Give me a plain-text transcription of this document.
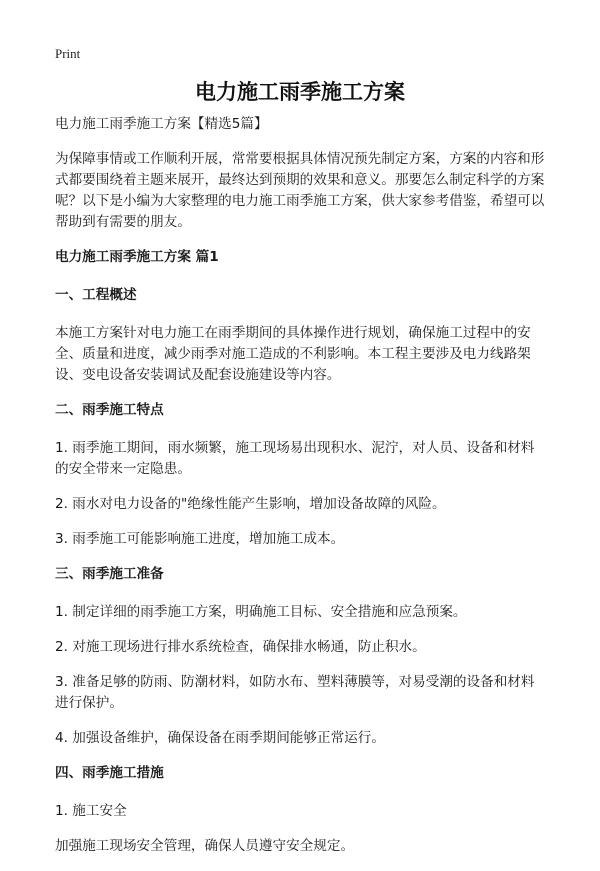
Print
电力施工雨季施工方案

电力施工雨季施工方案【精选5篇】

为保障事情或工作顺利开展，常常要根据具体情况预先制定方案，方案的内容和形式都要围绕着主题来展开，最终达到预期的效果和意义。那要怎么制定科学的方案呢？以下是小编为大家整理的电力施工雨季施工方案，供大家参考借鉴，希望可以帮助到有需要的朋友。

电力施工雨季施工方案 篇1

一、工程概述

本施工方案针对电力施工在雨季期间的具体操作进行规划，确保施工过程中的安全、质量和进度，减少雨季对施工造成的不利影响。本工程主要涉及电力线路架设、变电设备安装调试及配套设施建设等内容。

二、雨季施工特点

1. 雨季施工期间，雨水频繁，施工现场易出现积水、泥泞，对人员、设备和材料的安全带来一定隐患。

2. 雨水对电力设备的"绝缘性能产生影响，增加设备故障的风险。

3. 雨季施工可能影响施工进度，增加施工成本。

三、雨季施工准备

1. 制定详细的雨季施工方案，明确施工目标、安全措施和应急预案。

2. 对施工现场进行排水系统检查，确保排水畅通，防止积水。

3. 准备足够的防雨、防潮材料，如防水布、塑料薄膜等，对易受潮的设备和材料进行保护。

4. 加强设备维护，确保设备在雨季期间能够正常运行。

四、雨季施工措施

1. 施工安全

加强施工现场安全管理，确保人员遵守安全规定。
